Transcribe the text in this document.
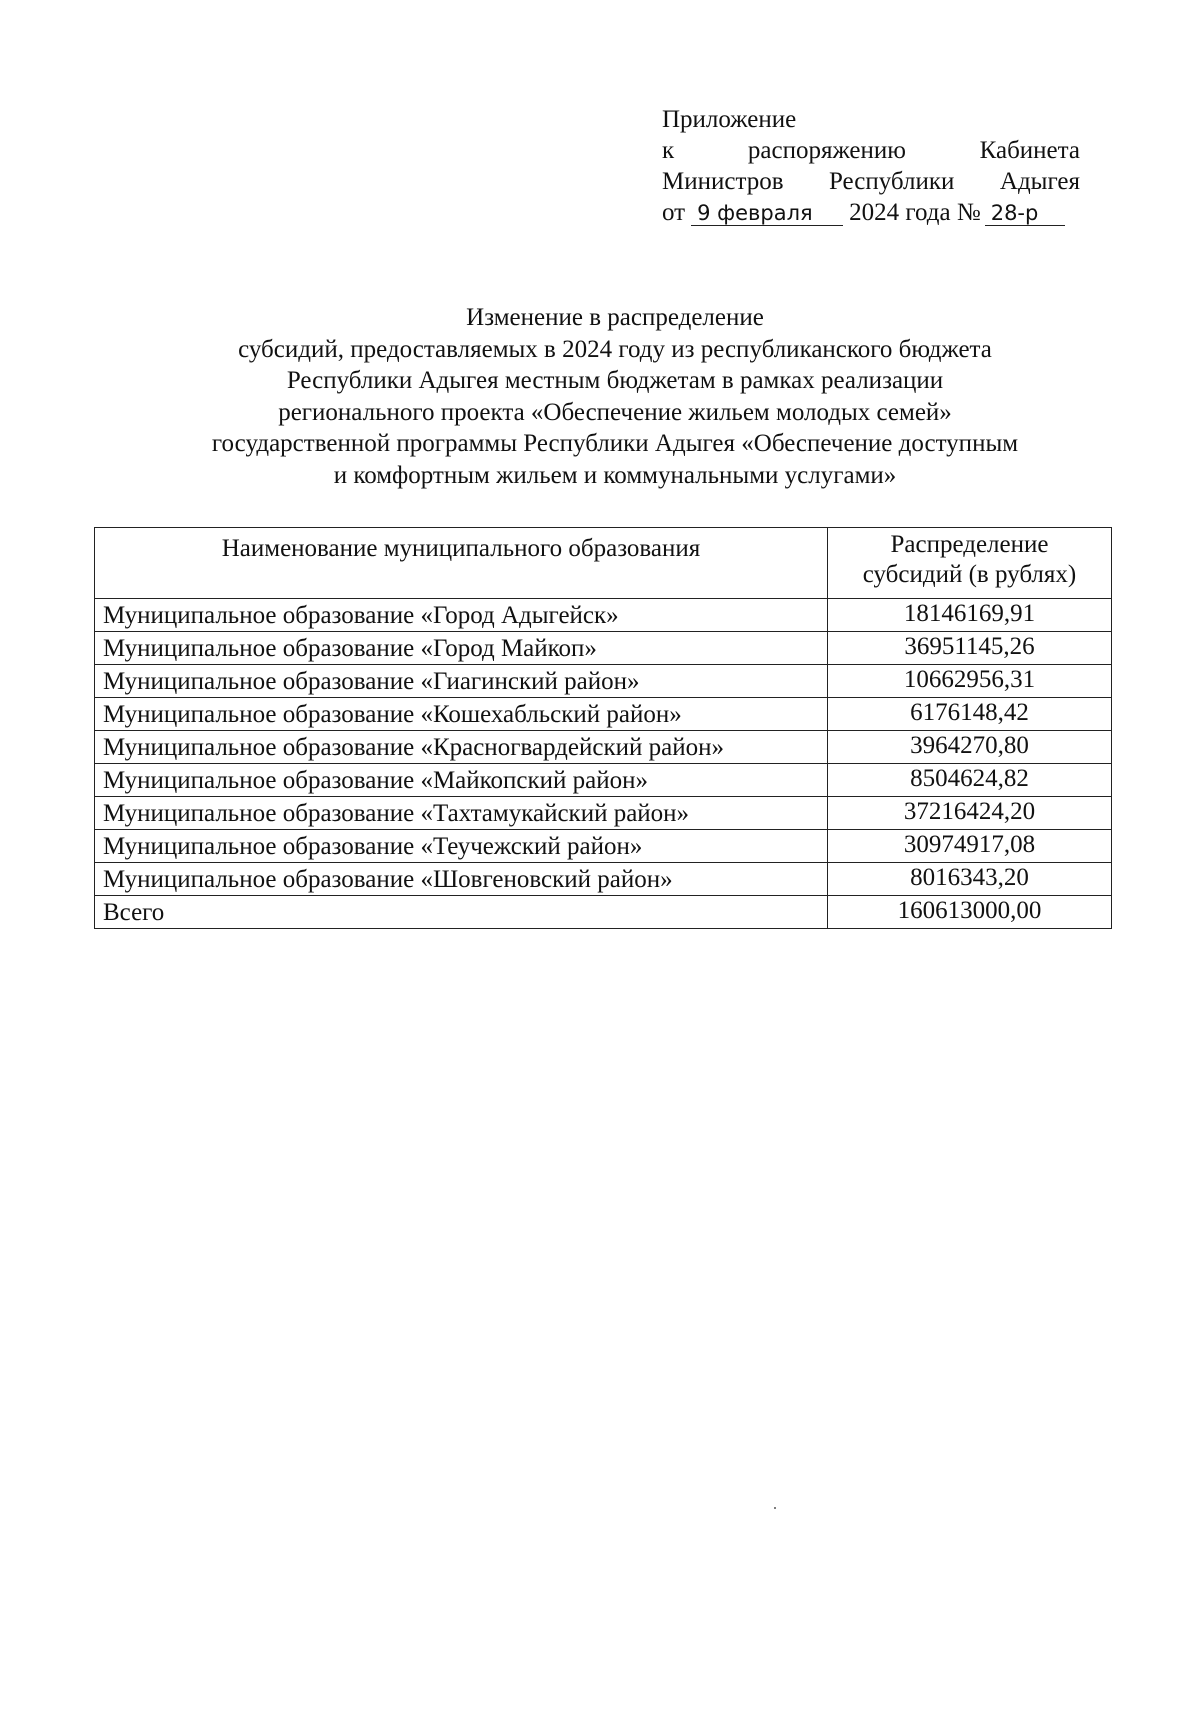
Приложение
к	распоряжению	Кабинета
Министров Республики Адыгея
от 9 февраля	2024 года № 28-р
Изменение в распределение
субсидий, предоставляемых в 2024 году из республиканского бюджета
Республики Адыгея местным бюджетам в рамках реализации
регионального проекта «Обеспечение жильем молодых семей»
государственной программы Республики Адыгея «Обеспечение доступным
и комфортным жильем и коммунальными услугами»
Наименование муниципального образования	Распределение
субсидий (в рублях)

Муниципальное образование «Город Адыгейск»	18146169,91
Муниципальное образование «Город Майкоп»	36951145,26
Муниципальное образование «Гиагинский район»	10662956,31
Муниципальное образование «Кошехабльский район»	6176148,42
Муниципальное образование «Красногвардейский район»	3964270,80
Муниципальное образование «Майкопский район»	8504624,82
Муниципальное образование «Тахтамукайский район»	37216424,20
Муниципальное образование «Теучежский район»	30974917,08
Муниципальное образование «Шовгеновский район»	8016343,20
Всего	160613000,00
